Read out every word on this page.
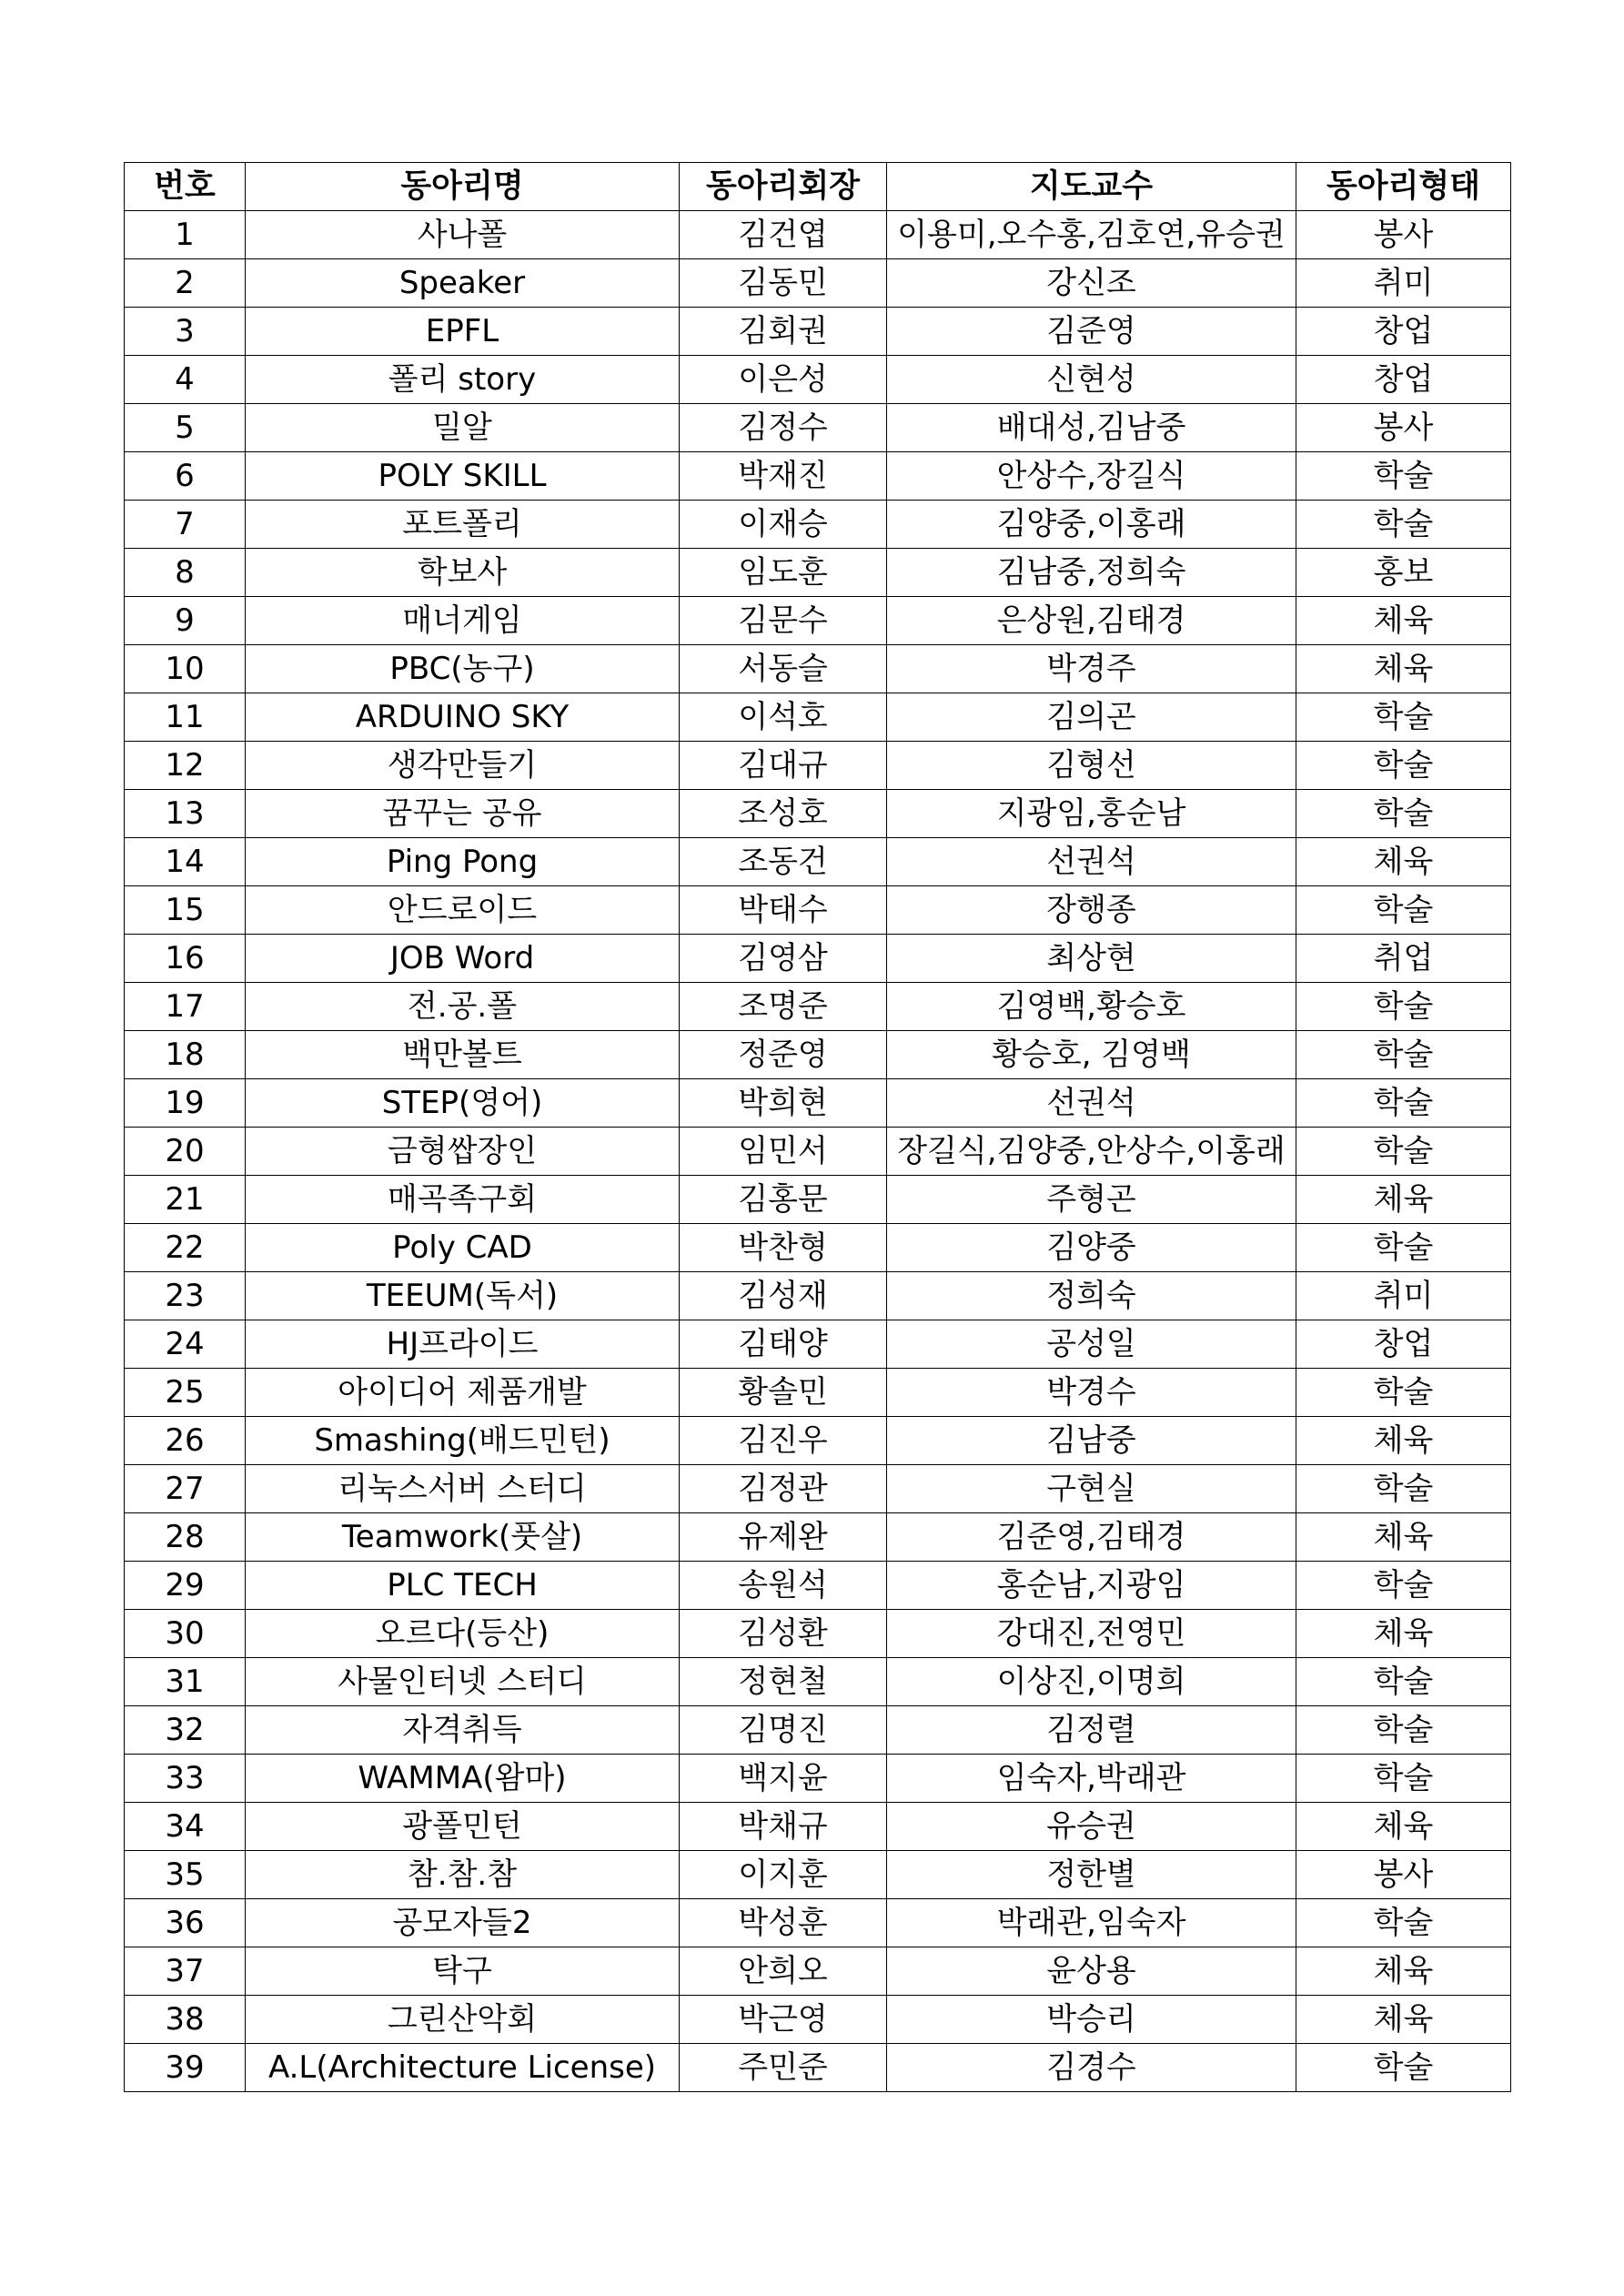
번호	동아리명	동아리회장	지도교수	동아리형태
1	사나폴	김건엽	이용미,오수홍,김호연,유승권	봉사
2	Speaker	김동민	강신조	취미
3	EPFL	김회권	김준영	창업
4	폴리 story	이은성	신현성	창업
5	밀알	김정수	배대성,김남중	봉사
6	POLY SKILL	박재진	안상수,장길식	학술
7	포트폴리	이재승	김양중,이홍래	학술
8	학보사	임도훈	김남중,정희숙	홍보
9	매너게임	김문수	은상원,김태경	체육
10	PBC(농구)	서동슬	박경주	체육
11	ARDUINO SKY	이석호	김의곤	학술
12	생각만들기	김대규	김형선	학술
13	꿈꾸는 공유	조성호	지광임,홍순남	학술
14	Ping Pong	조동건	선권석	체육
15	안드로이드	박태수	장행종	학술
16	JOB Word	김영삼	최상현	취업
17	전.공.폴	조명준	김영백,황승호	학술
18	백만볼트	정준영	황승호, 김영백	학술
19	STEP(영어)	박희현	선권석	학술
20	금형쌉장인	임민서	장길식,김양중,안상수,이홍래	학술
21	매곡족구회	김홍문	주형곤	체육
22	Poly CAD	박찬형	김양중	학술
23	TEEUM(독서)	김성재	정희숙	취미
24	HJ프라이드	김태양	공성일	창업
25	아이디어 제품개발	황솔민	박경수	학술
26	Smashing(배드민턴)	김진우	김남중	체육
27	리눅스서버 스터디	김정관	구현실	학술
28	Teamwork(풋살)	유제완	김준영,김태경	체육
29	PLC TECH	송원석	홍순남,지광임	학술
30	오르다(등산)	김성환	강대진,전영민	체육
31	사물인터넷 스터디	정현철	이상진,이명희	학술
32	자격취득	김명진	김정렬	학술
33	WAMMA(왐마)	백지윤	임숙자,박래관	학술
34	광폴민턴	박채규	유승권	체육
35	참.참.참	이지훈	정한별	봉사
36	공모자들2	박성훈	박래관,임숙자	학술
37	탁구	안희오	윤상용	체육
38	그린산악회	박근영	박승리	체육
39	A.L(Architecture License)	주민준	김경수	학술
